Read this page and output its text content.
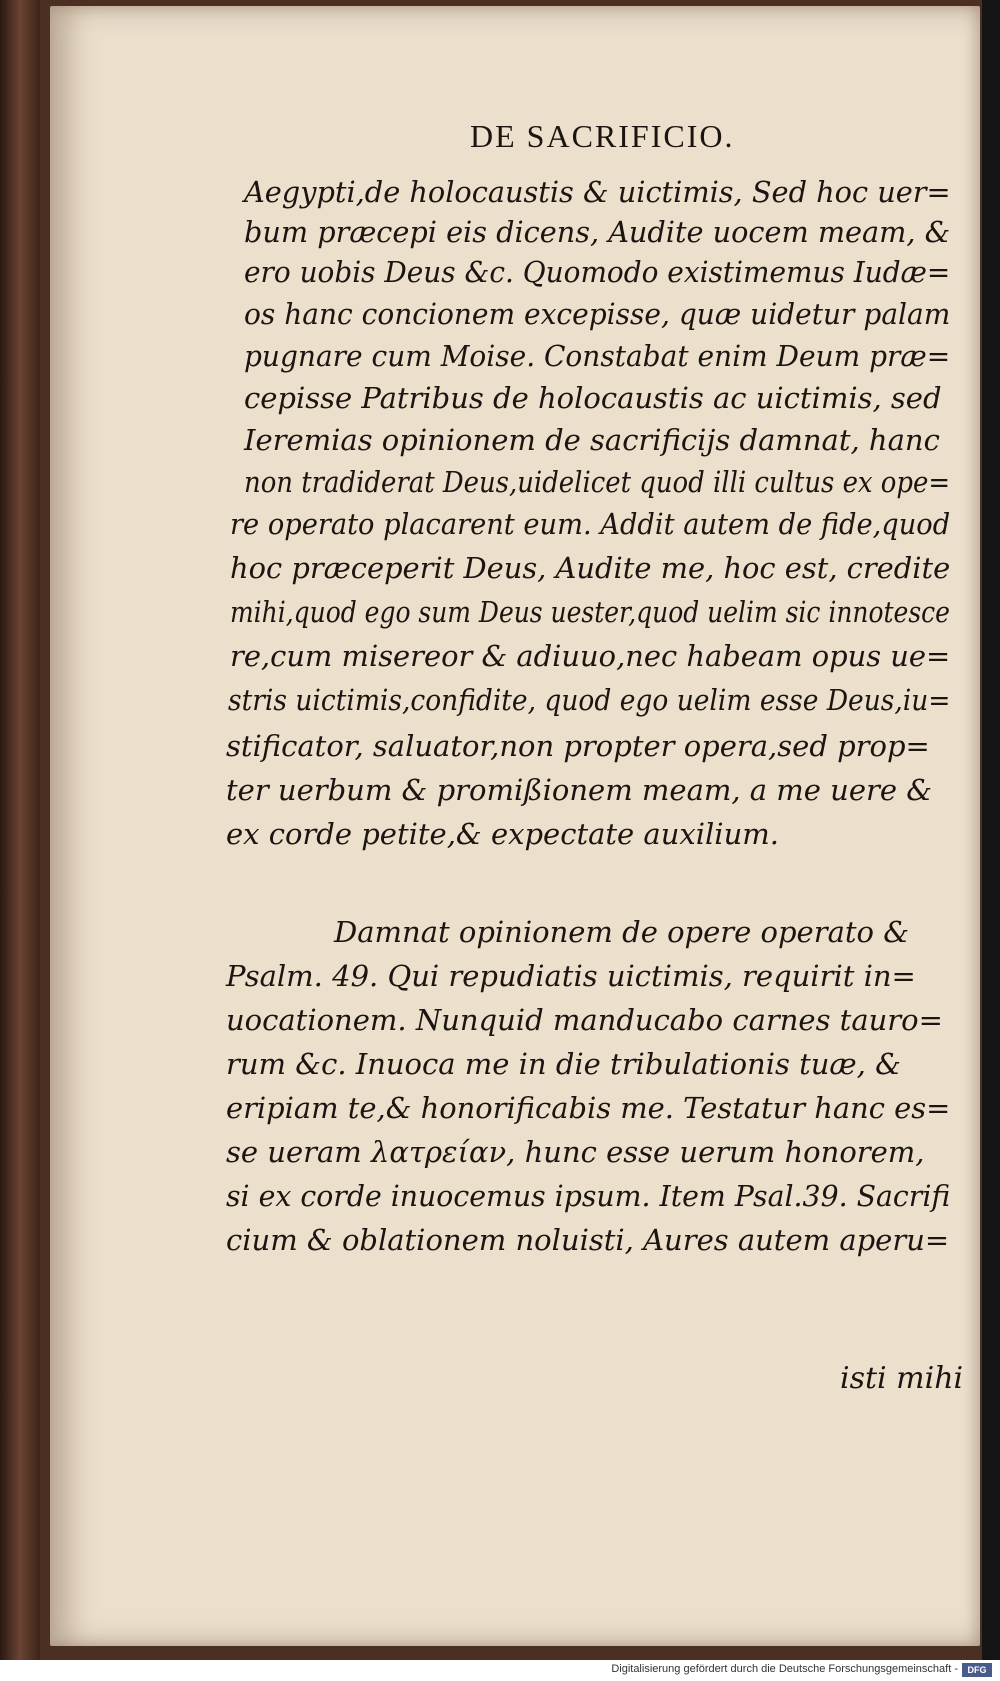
DE SACRIFICIO.
Aegypti,de holocaustis & uictimis, Sed hoc uer=
bum præcepi eis dicens, Audite uocem meam, &
ero uobis Deus &c. Quomodo existimemus Iudæ=
os hanc concionem excepisse, quæ uidetur palam
pugnare cum Moise. Constabat enim Deum præ=
cepisse Patribus de holocaustis ac uictimis, sed
Ieremias opinionem de sacrificijs damnat, hanc
non tradiderat Deus,uidelicet quod illi cultus ex ope=
re operato placarent eum. Addit autem de fide,quod
hoc præceperit Deus, Audite me, hoc est, credite
mihi,quod ego sum Deus uester,quod uelim sic innotesce
re,cum misereor & adiuuo,nec habeam opus ue=
stris uictimis,confidite, quod ego uelim esse Deus,iu=
stificator, saluator,non propter opera,sed prop=
ter uerbum & promißionem meam, a me uere &
ex corde petite,& expectate auxilium.
Damnat opinionem de opere operato &
Psalm. 49. Qui repudiatis uictimis, requirit in=
uocationem. Nunquid manducabo carnes tauro=
rum &c. Inuoca me in die tribulationis tuæ, &
eripiam te,& honorificabis me. Testatur hanc es=
se ueram λατρείαν, hunc esse uerum honorem,
si ex corde inuocemus ipsum. Item Psal.39. Sacrifi
cium & oblationem noluisti, Aures autem aperu=
isti mihi
Digitalisierung gefördert durch die Deutsche Forschungsgemeinschaft -	DFG
